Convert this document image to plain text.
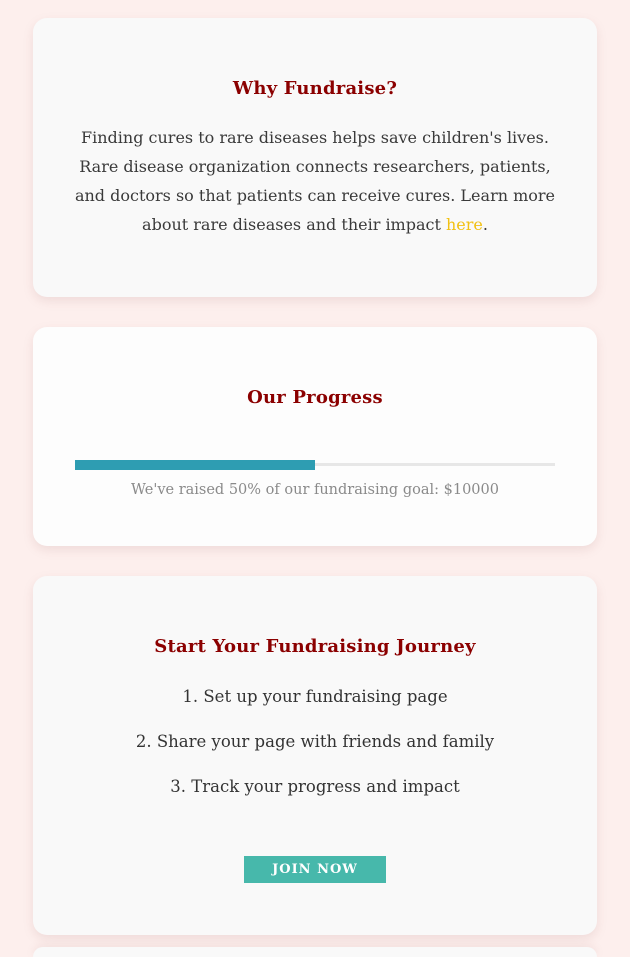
Why Fundraise?

Finding cures to rare diseases helps save children's lives. Rare disease organization connects researchers, patients, and doctors so that patients can receive cures. Learn more about rare diseases and their impact here.

Our Progress
We've raised 50% of our fundraising goal: $10000
Start Your Fundraising Journey
1. Set up your fundraising page
2. Share your page with friends and family
3. Track your progress and impact
JOIN NOW
